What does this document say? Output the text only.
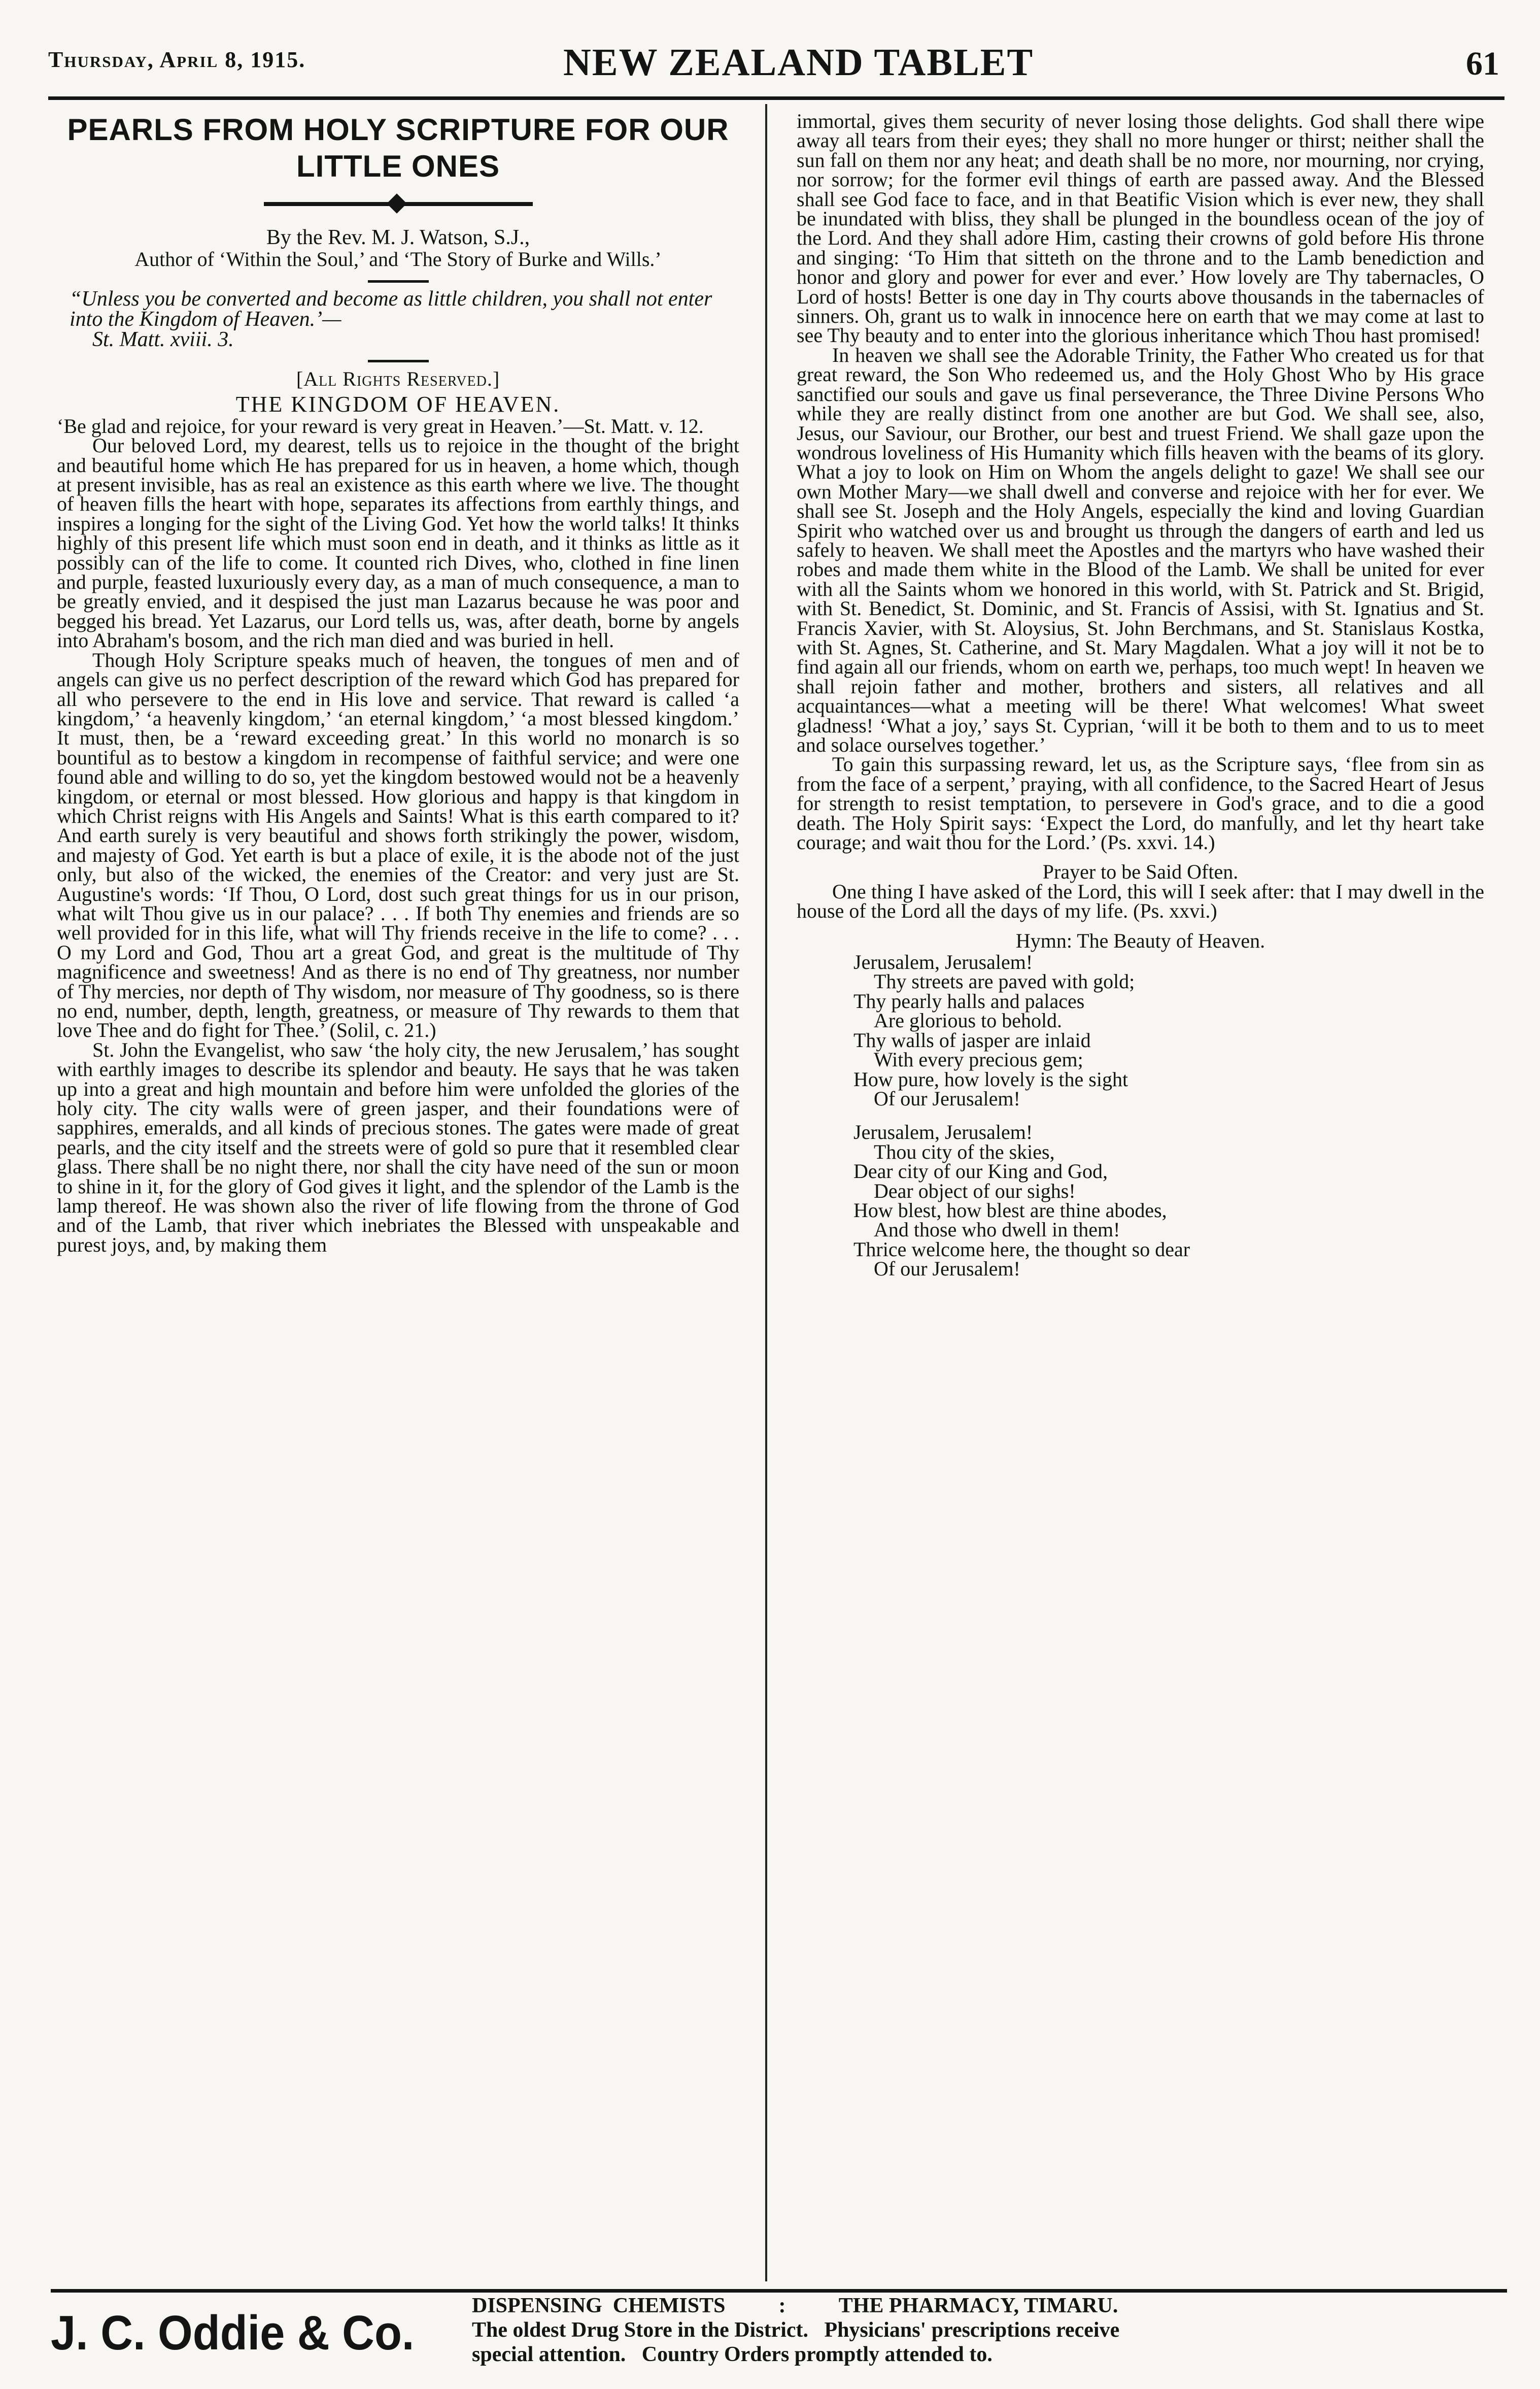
Thursday, April 8, 1915.	NEW ZEALAND TABLET	61

PEARLS FROM HOLY SCRIPTURE FOR OUR LITTLE ONES

By the Rev. M. J. Watson, S.J.,

Author of ‘Within the Soul,’ and ‘The Story of Burke and Wills.’

“Unless you be converted and become as little children, you shall not enter into the Kingdom of Heaven.’—

St. Matt. xviii. 3.

[All Rights Reserved.]

THE KINGDOM OF HEAVEN.

‘Be glad and rejoice, for your reward is very great in Heaven.’—St. Matt. v. 12.

Our beloved Lord, my dearest, tells us to rejoice in the thought of the bright and beautiful home which He has prepared for us in heaven, a home which, though at present invisible, has as real an existence as this earth where we live. The thought of heaven fills the heart with hope, separates its affections from earthly things, and inspires a longing for the sight of the Living God. Yet how the world talks! It thinks highly of this present life which must soon end in death, and it thinks as little as it possibly can of the life to come. It counted rich Dives, who, clothed in fine linen and purple, feasted luxuriously every day, as a man of much consequence, a man to be greatly envied, and it despised the just man Lazarus because he was poor and begged his bread. Yet Lazarus, our Lord tells us, was, after death, borne by angels into Abraham's bosom, and the rich man died and was buried in hell.

Though Holy Scripture speaks much of heaven, the tongues of men and of angels can give us no perfect description of the reward which God has prepared for all who persevere to the end in His love and service. That reward is called ‘a kingdom,’ ‘a heavenly kingdom,’ ‘an eternal kingdom,’ ‘a most blessed kingdom.’ It must, then, be a ‘reward exceeding great.’ In this world no monarch is so bountiful as to bestow a kingdom in recompense of faithful service; and were one found able and willing to do so, yet the kingdom bestowed would not be a heavenly kingdom, or eternal or most blessed. How glorious and happy is that kingdom in which Christ reigns with His Angels and Saints! What is this earth compared to it? And earth surely is very beautiful and shows forth strikingly the power, wisdom, and majesty of God. Yet earth is but a place of exile, it is the abode not of the just only, but also of the wicked, the enemies of the Creator: and very just are St. Augustine's words: ‘If Thou, O Lord, dost such great things for us in our prison, what wilt Thou give us in our palace? . . . If both Thy enemies and friends are so well provided for in this life, what will Thy friends receive in the life to come? . . . O my Lord and God, Thou art a great God, and great is the multitude of Thy magnificence and sweetness! And as there is no end of Thy greatness, nor number of Thy mercies, nor depth of Thy wisdom, nor measure of Thy goodness, so is there no end, number, depth, length, greatness, or measure of Thy rewards to them that love Thee and do fight for Thee.’ (Solil, c. 21.)

St. John the Evangelist, who saw ‘the holy city, the new Jerusalem,’ has sought with earthly images to describe its splendor and beauty. He says that he was taken up into a great and high mountain and before him were unfolded the glories of the holy city. The city walls were of green jasper, and their foundations were of sapphires, emeralds, and all kinds of precious stones. The gates were made of great pearls, and the city itself and the streets were of gold so pure that it resembled clear glass. There shall be no night there, nor shall the city have need of the sun or moon to shine in it, for the glory of God gives it light, and the splendor of the Lamb is the lamp thereof. He was shown also the river of life flowing from the throne of God and of the Lamb, that river which inebriates the Blessed with unspeakable and purest joys, and, by making them

immortal, gives them security of never losing those delights. God shall there wipe away all tears from their eyes; they shall no more hunger or thirst; neither shall the sun fall on them nor any heat; and death shall be no more, nor mourning, nor crying, nor sorrow; for the former evil things of earth are passed away. And the Blessed shall see God face to face, and in that Beatific Vision which is ever new, they shall be inundated with bliss, they shall be plunged in the boundless ocean of the joy of the Lord. And they shall adore Him, casting their crowns of gold before His throne and singing: ‘To Him that sitteth on the throne and to the Lamb benediction and honor and glory and power for ever and ever.’ How lovely are Thy tabernacles, O Lord of hosts! Better is one day in Thy courts above thousands in the tabernacles of sinners. Oh, grant us to walk in innocence here on earth that we may come at last to see Thy beauty and to enter into the glorious inheritance which Thou hast promised!

In heaven we shall see the Adorable Trinity, the Father Who created us for that great reward, the Son Who redeemed us, and the Holy Ghost Who by His grace sanctified our souls and gave us final perseverance, the Three Divine Persons Who while they are really distinct from one another are but God. We shall see, also, Jesus, our Saviour, our Brother, our best and truest Friend. We shall gaze upon the wondrous loveliness of His Humanity which fills heaven with the beams of its glory. What a joy to look on Him on Whom the angels delight to gaze! We shall see our own Mother Mary—we shall dwell and converse and rejoice with her for ever. We shall see St. Joseph and the Holy Angels, especially the kind and loving Guardian Spirit who watched over us and brought us through the dangers of earth and led us safely to heaven. We shall meet the Apostles and the martyrs who have washed their robes and made them white in the Blood of the Lamb. We shall be united for ever with all the Saints whom we honored in this world, with St. Patrick and St. Brigid, with St. Benedict, St. Dominic, and St. Francis of Assisi, with St. Ignatius and St. Francis Xavier, with St. Aloysius, St. John Berchmans, and St. Stanislaus Kostka, with St. Agnes, St. Catherine, and St. Mary Magdalen. What a joy will it not be to find again all our friends, whom on earth we, perhaps, too much wept! In heaven we shall rejoin father and mother, brothers and sisters, all relatives and all acquaintances—what a meeting will be there! What welcomes! What sweet gladness! ‘What a joy,’ says St. Cyprian, ‘will it be both to them and to us to meet and solace ourselves together.’

To gain this surpassing reward, let us, as the Scripture says, ‘flee from sin as from the face of a serpent,’ praying, with all confidence, to the Sacred Heart of Jesus for strength to resist temptation, to persevere in God's grace, and to die a good death. The Holy Spirit says: ‘Expect the Lord, do manfully, and let thy heart take courage; and wait thou for the Lord.’ (Ps. xxvi. 14.)

Prayer to be Said Often.

One thing I have asked of the Lord, this will I seek after: that I may dwell in the house of the Lord all the days of my life. (Ps. xxvi.)

Hymn: The Beauty of Heaven.

Jerusalem, Jerusalem!
Thy streets are paved with gold;
Thy pearly halls and palaces
Are glorious to behold.
Thy walls of jasper are inlaid
With every precious gem;
How pure, how lovely is the sight
Of our Jerusalem!

Jerusalem, Jerusalem!
Thou city of the skies,
Dear city of our King and God,
Dear object of our sighs!
How blest, how blest are thine abodes,
And those who dwell in them!
Thrice welcome here, the thought so dear
Of our Jerusalem!

J. C. Oddie & Co.	DISPENSING  CHEMISTS          :          THE PHARMACY, TIMARU.
The oldest Drug Store in the District.   Physicians' prescriptions receive
special attention.   Country Orders promptly attended to.
